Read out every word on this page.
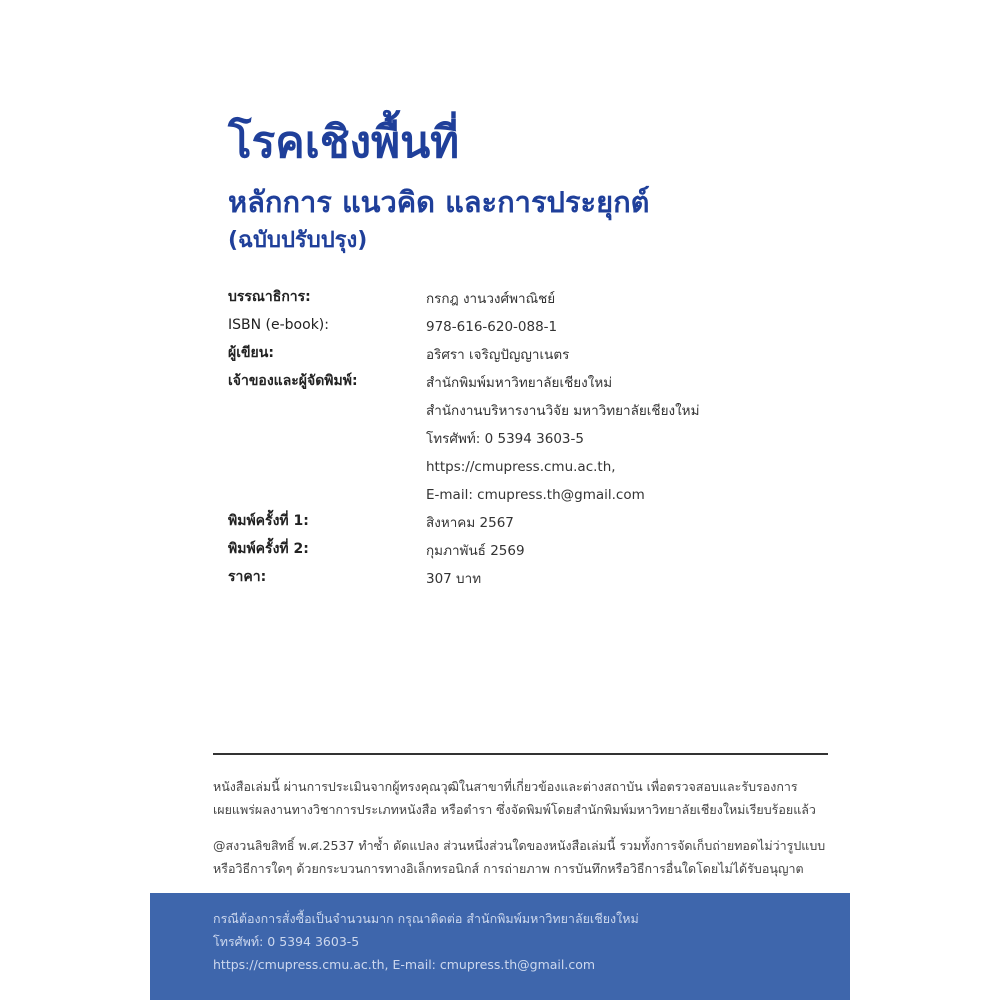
โรคเชิงพื้นที่
หลักการ แนวคิด และการประยุกต์
(ฉบับปรับปรุง)
บรรณาธิการ:	กรกฎ งานวงศ์พาณิชย์
ISBN (e-book):	978-616-620-088-1
ผู้เขียน:	อริศรา เจริญปัญญาเนตร
เจ้าของและผู้จัดพิมพ์:	สำนักพิมพ์มหาวิทยาลัยเชียงใหม่
สำนักงานบริหารงานวิจัย มหาวิทยาลัยเชียงใหม่
โทรศัพท์: 0 5394 3603-5
https://cmupress.cmu.ac.th,
E-mail: cmupress.th@gmail.com
พิมพ์ครั้งที่ 1:	สิงหาคม 2567
พิมพ์ครั้งที่ 2:	กุมภาพันธ์ 2569
ราคา:	307 บาท
หนังสือเล่มนี้ ผ่านการประเมินจากผู้ทรงคุณวุฒิในสาขาที่เกี่ยวข้องและต่างสถาบัน เพื่อตรวจสอบและรับรองการ
เผยแพร่ผลงานทางวิชาการประเภทหนังสือ หรือตำรา ซึ่งจัดพิมพ์โดยสำนักพิมพ์มหาวิทยาลัยเชียงใหม่เรียบร้อยแล้ว
@สงวนลิขสิทธิ์ พ.ศ.2537 ทำซ้ำ ดัดแปลง ส่วนหนึ่งส่วนใดของหนังสือเล่มนี้ รวมทั้งการจัดเก็บถ่ายทอดไม่ว่ารูปแบบ
หรือวิธีการใดๆ ด้วยกระบวนการทางอิเล็กทรอนิกส์ การถ่ายภาพ การบันทึกหรือวิธีการอื่นใดโดยไม่ได้รับอนุญาต
กรณีต้องการสั่งซื้อเป็นจำนวนมาก กรุณาติดต่อ สำนักพิมพ์มหาวิทยาลัยเชียงใหม่
โทรศัพท์: 0 5394 3603-5
https://cmupress.cmu.ac.th, E-mail: cmupress.th@gmail.com
